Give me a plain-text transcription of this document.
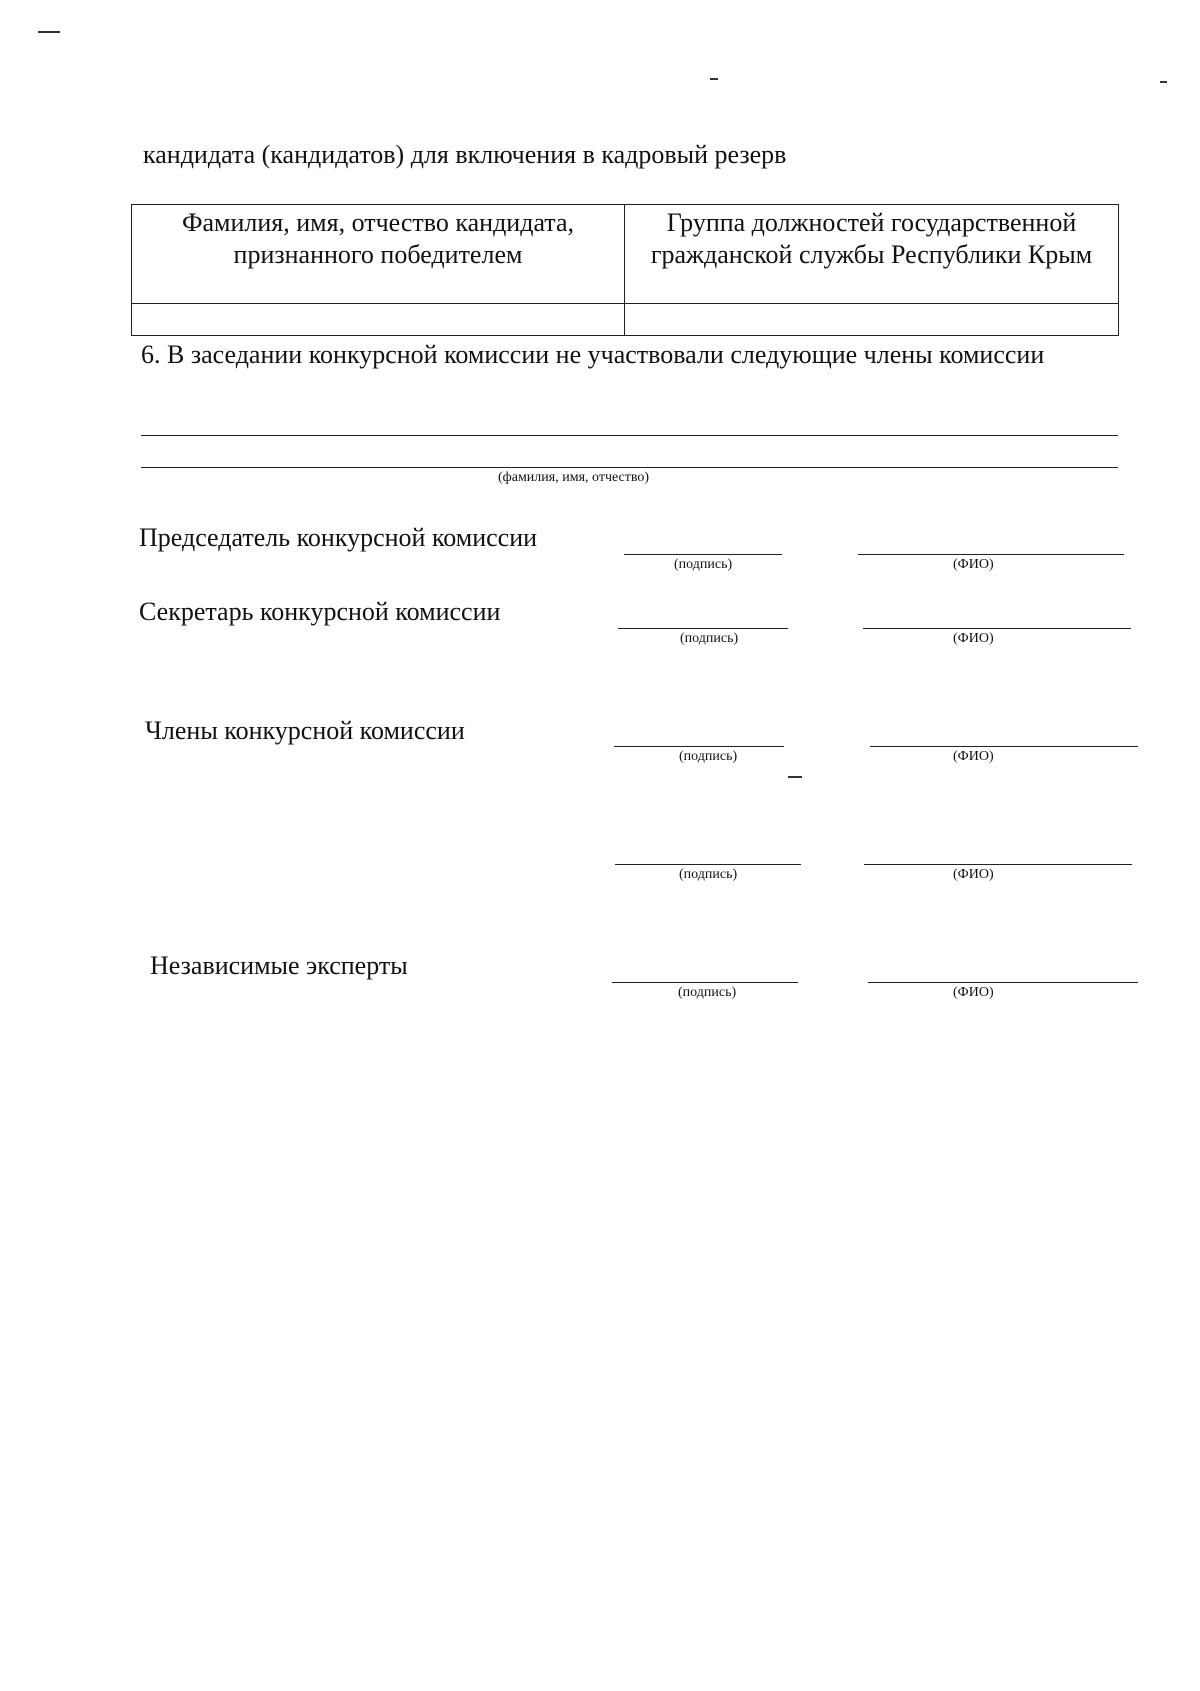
кандидата (кандидатов) для включения в кадровый резерв
Фамилия, имя, отчество кандидата, признанного победителем	Группа должностей государственной гражданской службы Республики Крым

6. В заседании конкурсной комиссии не участвовали следующие члены комиссии
(фамилия, имя, отчество)
Председатель конкурсной комиссии
(подпись)	(ФИО)
Секретарь конкурсной комиссии
(подпись)	(ФИО)
Члены конкурсной комиссии
(подпись)	(ФИО)
(подпись)	(ФИО)
Независимые эксперты
(подпись)	(ФИО)
